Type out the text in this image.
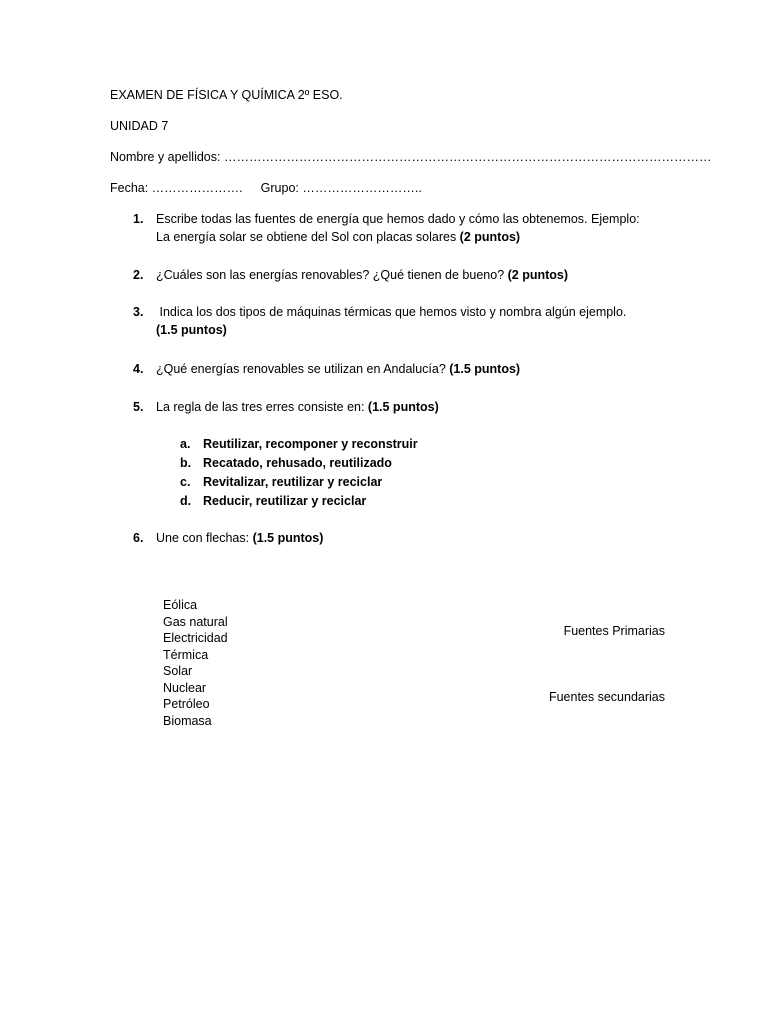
EXAMEN DE FÍSICA Y QUÍMICA 2º ESO.
UNIDAD 7
Nombre y apellidos: ………………………………………………………………………………………………………
Fecha: …………………. Grupo: ………………………..
1. Escribe todas las fuentes de energía que hemos dado y cómo las obtenemos. Ejemplo:
La energía solar se obtiene del Sol con placas solares (2 puntos)
2. ¿Cuáles son las energías renovables? ¿Qué tienen de bueno? (2 puntos)
3. Indica los dos tipos de máquinas térmicas que hemos visto y nombra algún ejemplo.
(1.5 puntos)
4. ¿Qué energías renovables se utilizan en Andalucía? (1.5 puntos)
5. La regla de las tres erres consiste en: (1.5 puntos)
a. Reutilizar, recomponer y reconstruir
b. Recatado, rehusado, reutilizado
c. Revitalizar, reutilizar y reciclar
d. Reducir, reutilizar y reciclar
6. Une con flechas: (1.5 puntos)
Eólica
Gas natural
Electricidad
Térmica
Solar
Nuclear
Petróleo
Biomasa
Fuentes Primarias
Fuentes secundarias
